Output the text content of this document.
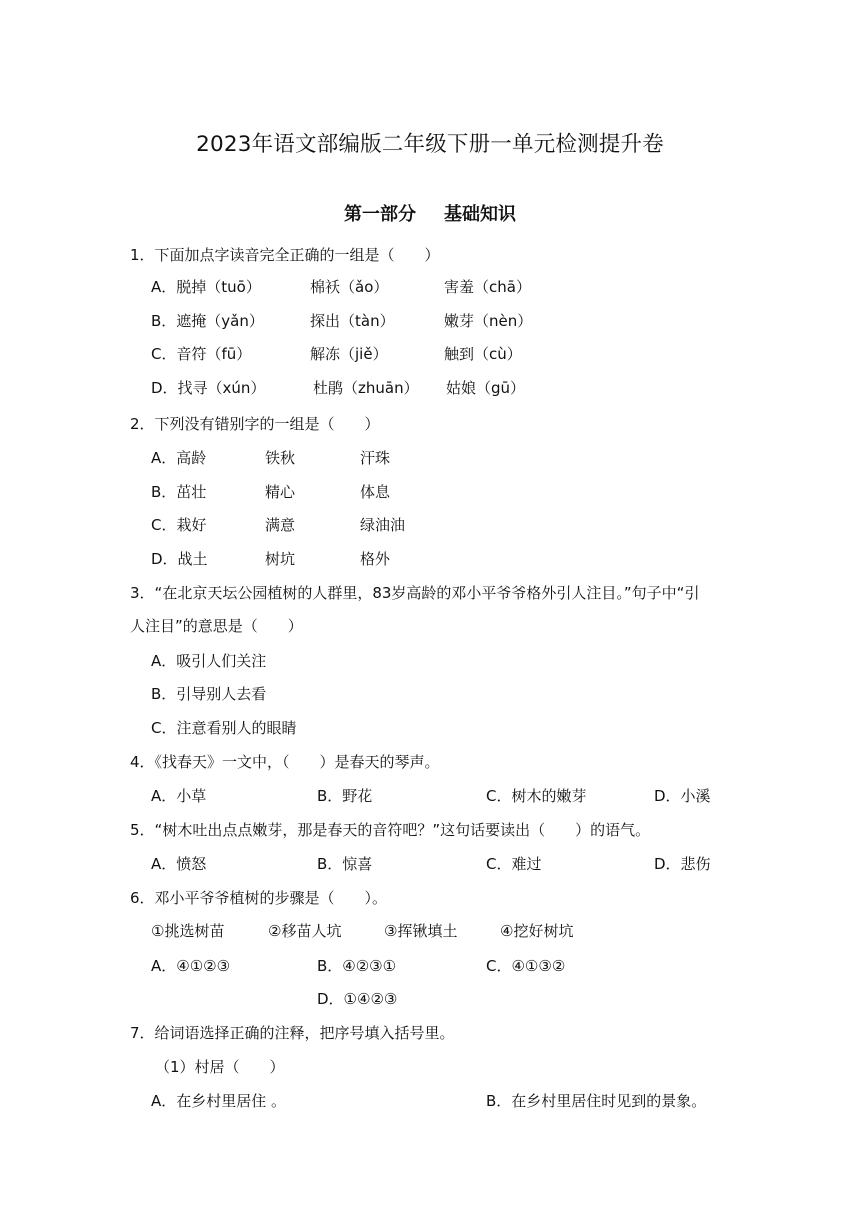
2023年语文部编版二年级下册一单元检测提升卷
第一部分 基础知识
1．下面加点字读音完全正确的一组是（　　）
A．脱掉（tuō）	棉袄（ǎo）	害羞（chā）
B．遮掩（yǎn）	探出（tàn）	嫩芽（nèn）
C．音符（fū）	解冻（jiě）	触到（cù）
D．找寻（xún）	杜鹃（zhuān） 姑娘（gū）
2．下列没有错别字的一组是（　　）
A．高龄	铁秋	汗珠
B．茁壮	精心	体息
C．栽好	满意	绿油油
D．战土	树坑	格外
3．“在北京天坛公园植树的人群里，83岁高龄的邓小平爷爷格外引人注目。”句子中“引
人注目”的意思是（　　）
A．吸引人们关注
B．引导别人去看
C．注意看别人的眼睛
4．《找春天》一文中，（　　）是春天的琴声。
A．小草	B．野花	C．树木的嫩芽	D．小溪
5．“树木吐出点点嫩芽，那是春天的音符吧？”这句话要读出（　　）的语气。
A．愤怒	B．惊喜	C．难过	D．悲伤
6．邓小平爷爷植树的步骤是（　　）。
①挑选树苗	②移苗人坑	③挥锹填土	④挖好树坑
A．④①②③	B．④②③①	C．④①③②
D．①④②③
7．给词语选择正确的注释，把序号填入括号里。
（1）村居（　　）
A．在乡村里居住 。	B．在乡村里居住时见到的景象。
